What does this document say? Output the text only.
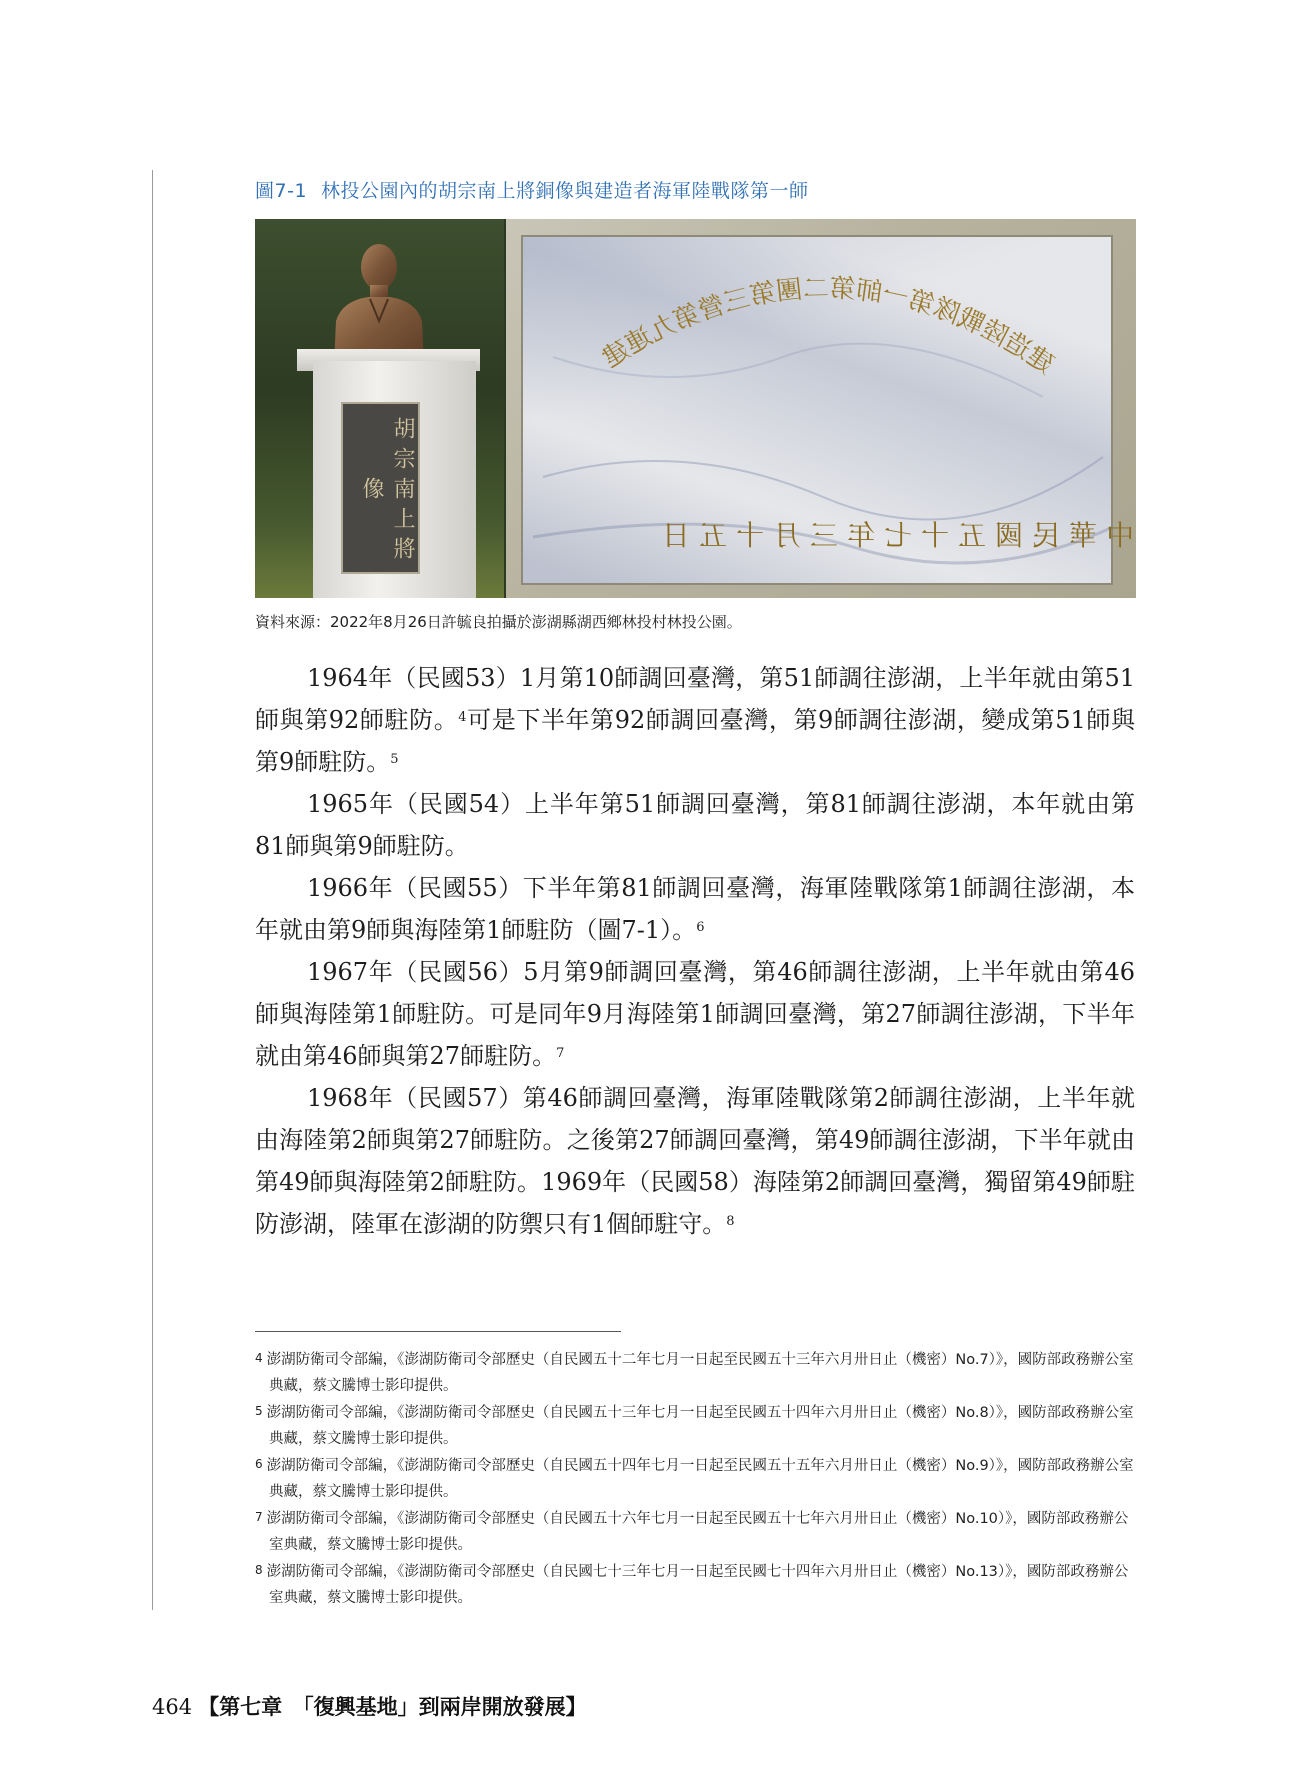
圖7-1 林投公園內的胡宗南上將銅像與建造者海軍陸戰隊第一師
胡宗南上將像
建造陸戰隊第一師第二團第三營第九連建
中華民國五十七年三月十五日
資料來源：2022年8月26日許毓良拍攝於澎湖縣湖西鄉林投村林投公園。

1964年（民國53）1月第10師調回臺灣，第51師調往澎湖，上半年就由第51師與第92師駐防。$^4$可是下半年第92師調回臺灣，第9師調往澎湖，變成第51師與第9師駐防。$^5$

1965年（民國54）上半年第51師調回臺灣，第81師調往澎湖，本年就由第81師與第9師駐防。

1966年（民國55）下半年第81師調回臺灣，海軍陸戰隊第1師調往澎湖，本年就由第9師與海陸第1師駐防（圖7-1）。$^6$

1967年（民國56）5月第9師調回臺灣，第46師調往澎湖，上半年就由第46師與海陸第1師駐防。可是同年9月海陸第1師調回臺灣，第27師調往澎湖，下半年就由第46師與第27師駐防。$^7$

1968年（民國57）第46師調回臺灣，海軍陸戰隊第2師調往澎湖，上半年就由海陸第2師與第27師駐防。之後第27師調回臺灣，第49師調往澎湖，下半年就由第49師與海陸第2師駐防。1969年（民國58）海陸第2師調回臺灣，獨留第49師駐防澎湖，陸軍在澎湖的防禦只有1個師駐守。$^8$

$^4$ 澎湖防衛司令部編，《澎湖防衛司令部歷史（自民國五十二年七月一日起至民國五十三年六月卅日止（機密）No.7）》，國防部政務辦公室典藏，蔡文騰博士影印提供。
$^5$ 澎湖防衛司令部編，《澎湖防衛司令部歷史（自民國五十三年七月一日起至民國五十四年六月卅日止（機密）No.8）》，國防部政務辦公室典藏，蔡文騰博士影印提供。
$^6$ 澎湖防衛司令部編，《澎湖防衛司令部歷史（自民國五十四年七月一日起至民國五十五年六月卅日止（機密）No.9）》，國防部政務辦公室典藏，蔡文騰博士影印提供。
$^7$ 澎湖防衛司令部編，《澎湖防衛司令部歷史（自民國五十六年七月一日起至民國五十七年六月卅日止（機密）No.10）》，國防部政務辦公室典藏，蔡文騰博士影印提供。
$^8$ 澎湖防衛司令部編，《澎湖防衛司令部歷史（自民國七十三年七月一日起至民國七十四年六月卅日止（機密）No.13）》，國防部政務辦公室典藏，蔡文騰博士影印提供。
464 【第七章　「復興基地」到兩岸開放發展】
